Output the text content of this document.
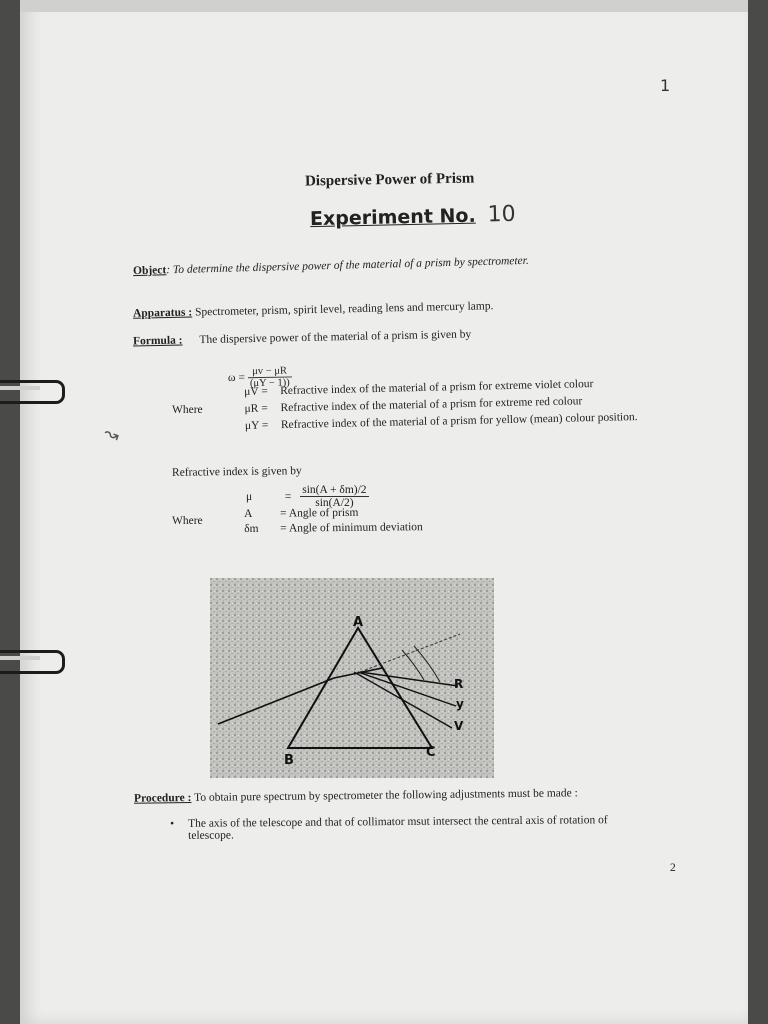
1
Dispersive Power of Prism
Experiment No. 10
Object: To determine the dispersive power of the material of a prism by spectrometer.
Apparatus : Spectrometer, prism, spirit level, reading lens and mercury lamp.
Formula : The dispersive power of the material of a prism is given by
$\omega = \frac{\mu v - \mu R}{(\mu Y - 1))}$
Where
μV = Refractive index of the material of a prism for extreme violet colour
μR = Refractive index of the material of a prism for extreme red colour
μY = Refractive index of the material of a prism for yellow (mean) colour position.
↝
Refractive index is given by
μ	= $\frac{\sin(A + \delta m)/2}{\sin(A/2)}$
Where
A = Angle of prism
δm = Angle of minimum deviation
A
B
C
R
y
V
Procedure : To obtain pure spectrum by spectrometer the following adjustments must be made :
• The axis of the telescope and that of collimator msut intersect the central axis of rotation of
telescope.
2
